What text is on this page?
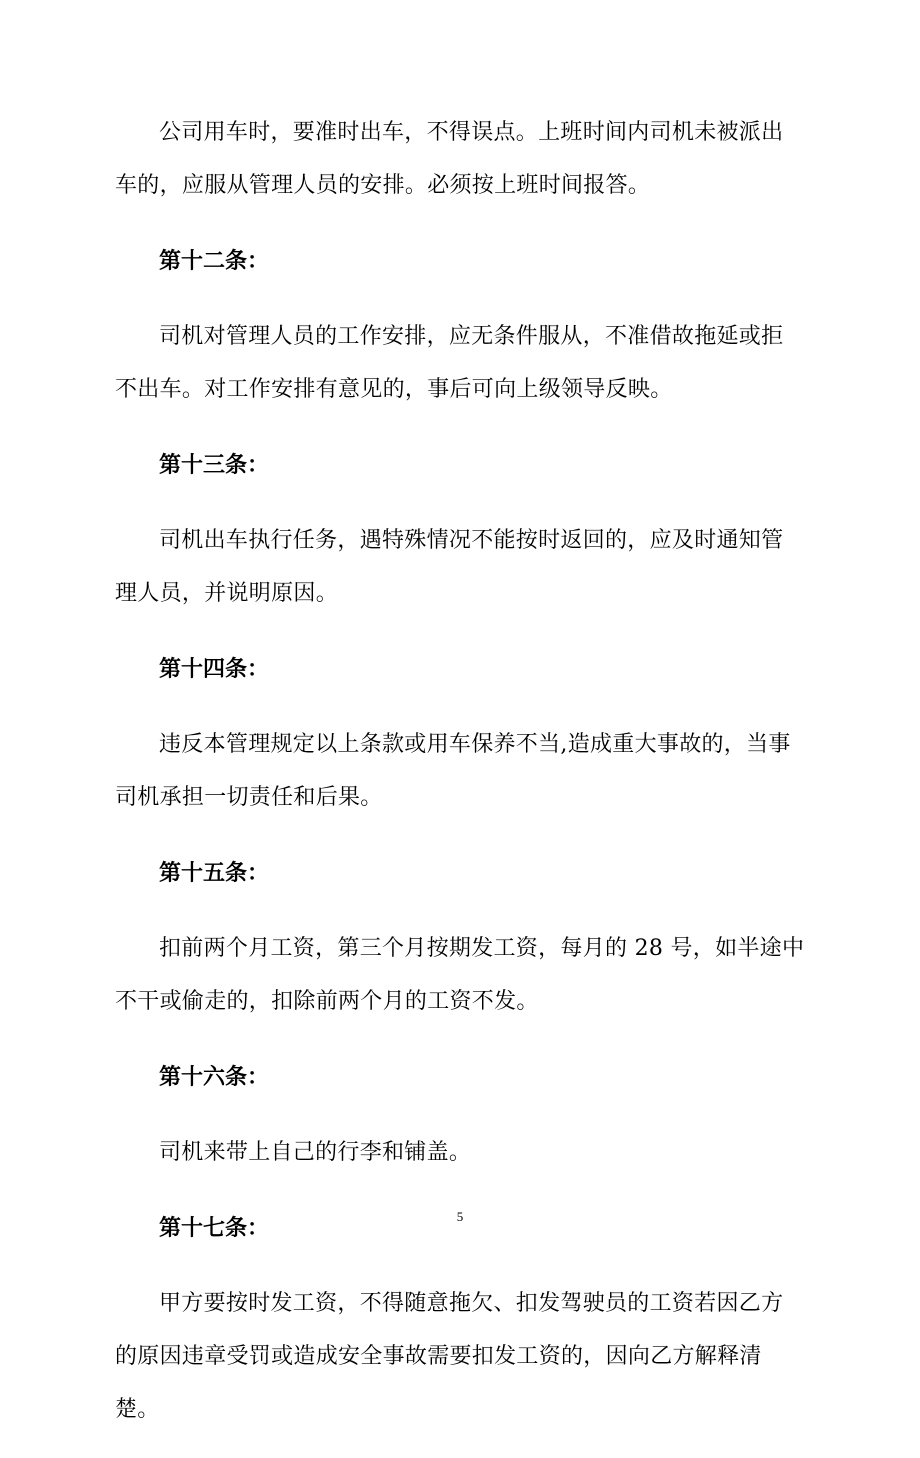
公司用车时，要准时出车，不得误点。上班时间内司机未被派出车的，应服从管理人员的安排。必须按上班时间报答。

第十二条：

司机对管理人员的工作安排，应无条件服从，不准借故拖延或拒不出车。对工作安排有意见的，事后可向上级领导反映。

第十三条：

司机出车执行任务，遇特殊情况不能按时返回的，应及时通知管理人员，并说明原因。

第十四条：

违反本管理规定以上条款或用车保养不当,造成重大事故的，当事司机承担一切责任和后果。

第十五条：

扣前两个月工资，第三个月按期发工资，每月的 28 号，如半途中不干或偷走的，扣除前两个月的工资不发。

第十六条：

司机来带上自己的行李和铺盖。

第十七条：

甲方要按时发工资，不得随意拖欠、扣发驾驶员的工资若因乙方的原因违章受罚或造成安全事故需要扣发工资的，因向乙方解释清楚。

5
